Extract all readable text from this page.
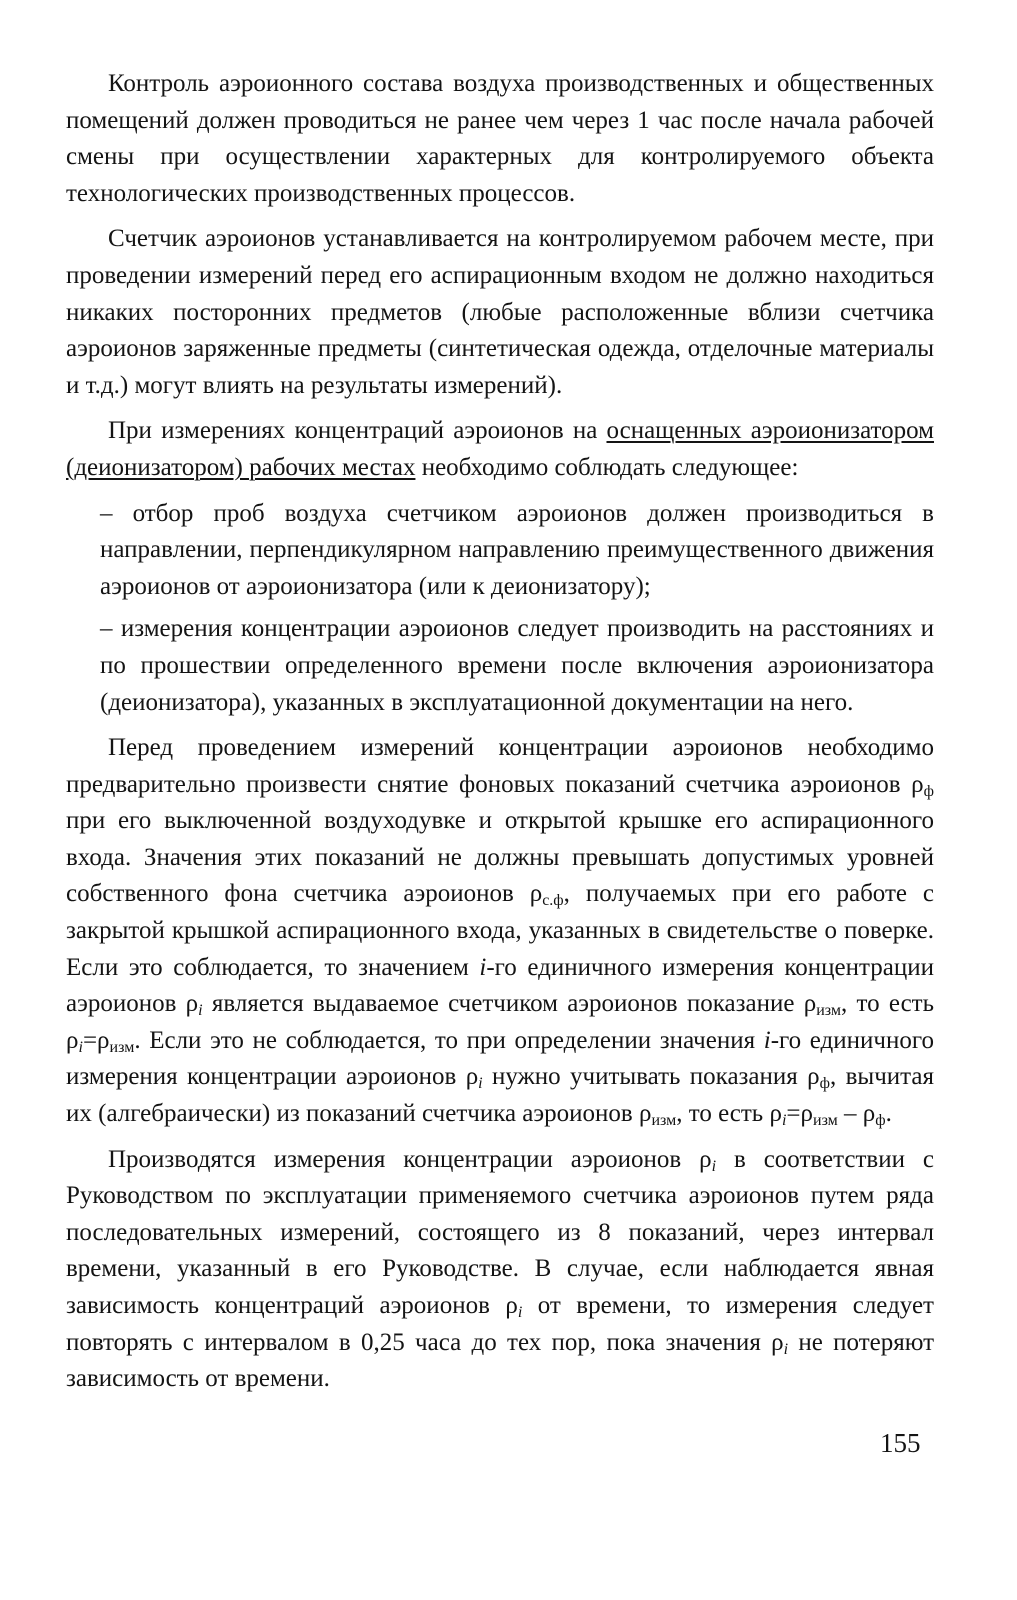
Контроль аэроионного состава воздуха производственных и общественных помещений должен проводиться не ранее чем через 1 час после начала рабочей смены при осуществлении характерных для контролируемого объекта технологических производственных процессов.

Счетчик аэроионов устанавливается на контролируемом рабочем месте, при проведении измерений перед его аспирационным входом не должно находиться никаких посторонних предметов (любые расположенные вблизи счетчика аэроионов заряженные предметы (синтетическая одежда, отделочные материалы и т.д.) могут влиять на результаты измерений).

При измерениях концентраций аэроионов на оснащенных аэроионизатором (деионизатором) рабочих местах необходимо соблюдать следующее:

– отбор проб воздуха счетчиком аэроионов должен производиться в направлении, перпендикулярном направлению преимущественного движения аэроионов от аэроионизатора (или к деионизатору);
– измерения концентрации аэроионов следует производить на расстояниях и по прошествии определенного времени после включения аэроионизатора (деионизатора), указанных в эксплуатационной документации на него.

Перед проведением измерений концентрации аэроионов необходимо предварительно произвести снятие фоновых показаний счетчика аэроионов $\rho_ф$ при его выключенной воздуходувке и открытой крышке его аспирационного входа. Значения этих показаний не должны превышать допустимых уровней собственного фона счетчика аэроионов $\rho_{с.ф}$, получаемых при его работе с закрытой крышкой аспирационного входа, указанных в свидетельстве о поверке. Если это соблюдается, то значением i-го единичного измерения концентрации аэроионов $\rho_i$ является выдаваемое счетчиком аэроионов показание $\rho_{изм}$, то есть $\rho_i=\rho_{изм}$. Если это не соблюдается, то при определении значения i-го единичного измерения концентрации аэроионов $\rho_i$ нужно учитывать показания $\rho_ф$, вычитая их (алгебраически) из показаний счетчика аэроионов $\rho_{изм}$, то есть $\rho_i=\rho_{изм} - \rho_ф$.

Производятся измерения концентрации аэроионов $\rho_i$ в соответствии с Руководством по эксплуатации применяемого счетчика аэроионов путем ряда последовательных измерений, состоящего из 8 показаний, через интервал времени, указанный в его Руководстве. В случае, если наблюдается явная зависимость концентраций аэроионов $\rho_i$ от времени, то измерения следует повторять с интервалом в 0,25 часа до тех пор, пока значения $\rho_i$ не потеряют зависимость от времени.

155
